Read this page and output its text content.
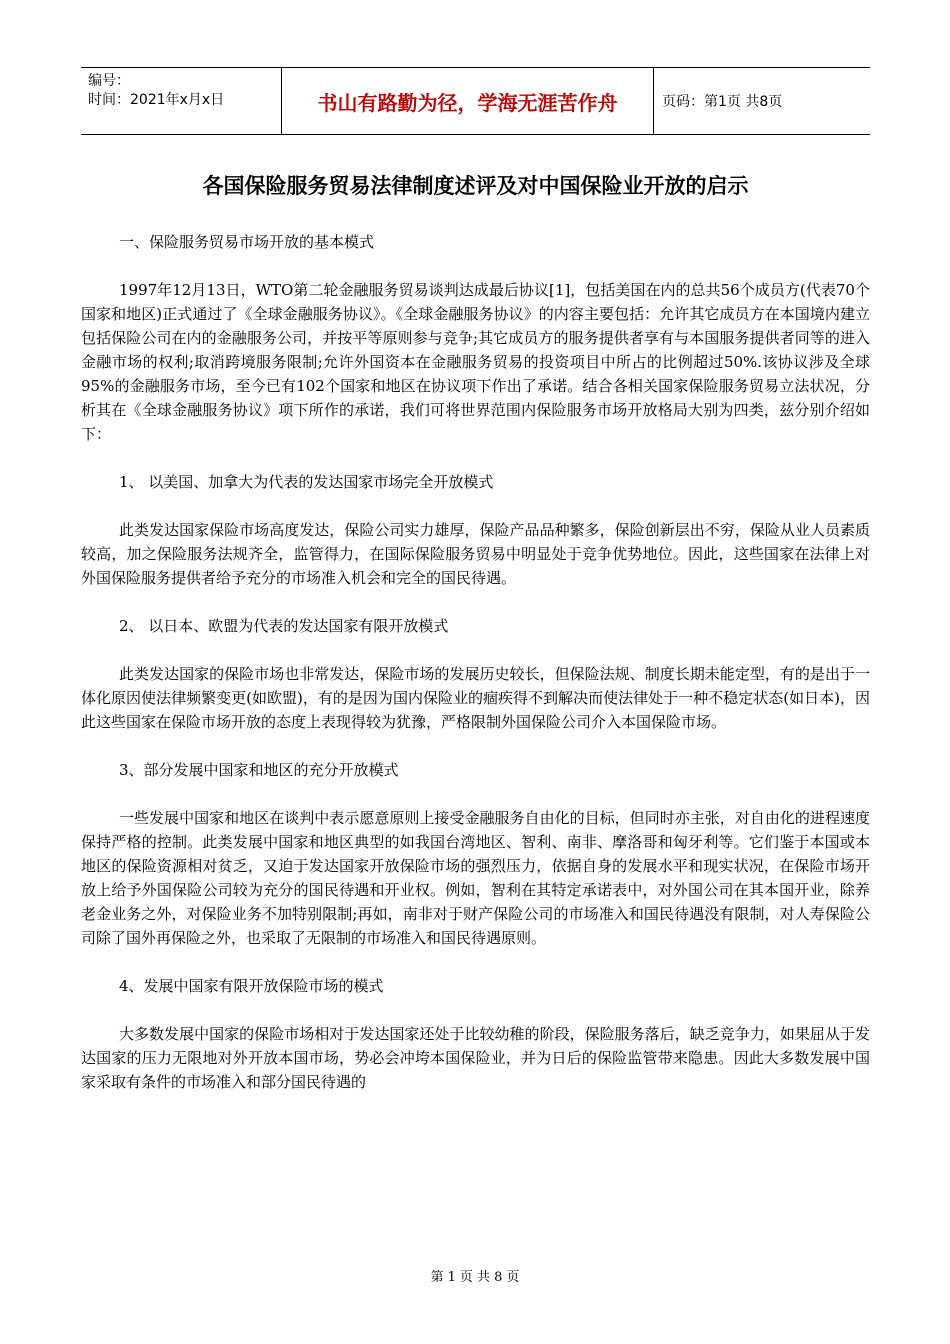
编号：
时间：2021年x月x日	书山有路勤为径，学海无涯苦作舟	页码：第1页 共8页
各国保险服务贸易法律制度述评及对中国保险业开放的启示

一、保险服务贸易市场开放的基本模式

1997年12月13日，WTO第二轮金融服务贸易谈判达成最后协议[1]，包括美国在内的总共56个成员方(代表70个国家和地区)正式通过了《全球金融服务协议》。《全球金融服务协议》的内容主要包括：允许其它成员方在本国境内建立包括保险公司在内的金融服务公司，并按平等原则参与竞争;其它成员方的服务提供者享有与本国服务提供者同等的进入金融市场的权利;取消跨境服务限制;允许外国资本在金融服务贸易的投资项目中所占的比例超过50%.该协议涉及全球95%的金融服务市场，至今已有102个国家和地区在协议项下作出了承诺。结合各相关国家保险服务贸易立法状况，分析其在《全球金融服务协议》项下所作的承诺，我们可将世界范围内保险服务市场开放格局大别为四类，兹分别介绍如下：

1、 以美国、加拿大为代表的发达国家市场完全开放模式

此类发达国家保险市场高度发达，保险公司实力雄厚，保险产品品种繁多，保险创新层出不穷，保险从业人员素质较高，加之保险服务法规齐全，监管得力，在国际保险服务贸易中明显处于竞争优势地位。因此，这些国家在法律上对外国保险服务提供者给予充分的市场准入机会和完全的国民待遇。

2、 以日本、欧盟为代表的发达国家有限开放模式

此类发达国家的保险市场也非常发达，保险市场的发展历史较长，但保险法规、制度长期未能定型，有的是出于一体化原因使法律频繁变更(如欧盟)，有的是因为国内保险业的痼疾得不到解决而使法律处于一种不稳定状态(如日本)，因此这些国家在保险市场开放的态度上表现得较为犹豫，严格限制外国保险公司介入本国保险市场。

3、部分发展中国家和地区的充分开放模式

一些发展中国家和地区在谈判中表示愿意原则上接受金融服务自由化的目标，但同时亦主张，对自由化的进程速度保持严格的控制。此类发展中国家和地区典型的如我国台湾地区、智利、南非、摩洛哥和匈牙利等。它们鉴于本国或本地区的保险资源相对贫乏，又迫于发达国家开放保险市场的强烈压力，依据自身的发展水平和现实状况，在保险市场开放上给予外国保险公司较为充分的国民待遇和开业权。例如，智利在其特定承诺表中，对外国公司在其本国开业，除养老金业务之外，对保险业务不加特别限制;再如，南非对于财产保险公司的市场准入和国民待遇没有限制，对人寿保险公司除了国外再保险之外，也采取了无限制的市场准入和国民待遇原则。

4、发展中国家有限开放保险市场的模式

大多数发展中国家的保险市场相对于发达国家还处于比较幼稚的阶段，保险服务落后，缺乏竞争力，如果屈从于发达国家的压力无限地对外开放本国市场，势必会冲垮本国保险业，并为日后的保险监管带来隐患。因此大多数发展中国家采取有条件的市场准入和部分国民待遇的

第 1 页 共 8 页
